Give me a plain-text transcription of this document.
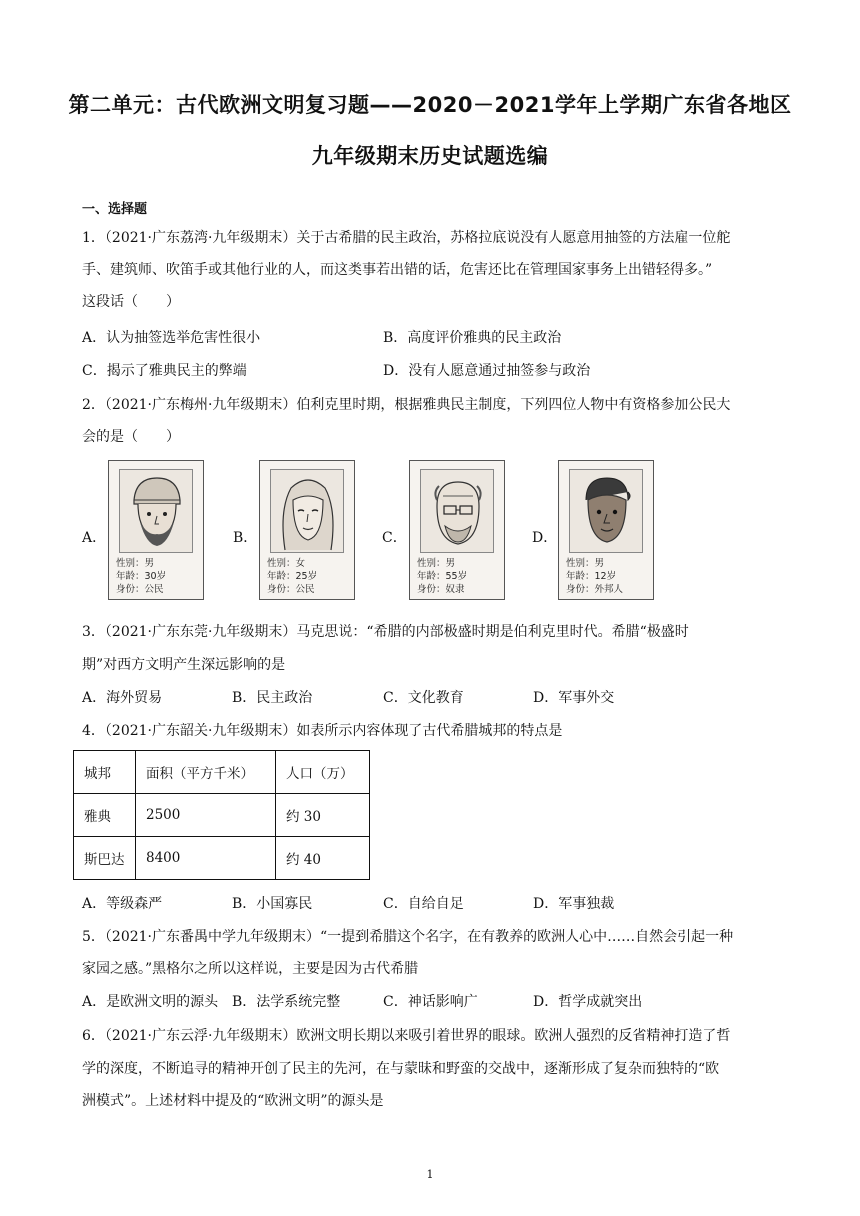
第二单元：古代欧洲文明复习题——2020－2021学年上学期广东省各地区
九年级期末历史试题选编
一、选择题
1．（2021·广东荔湾·九年级期末）关于古希腊的民主政治，苏格拉底说没有人愿意用抽签的方法雇一位舵
手、建筑师、吹笛手或其他行业的人，而这类事若出错的话，危害还比在管理国家事务上出错轻得多。”
这段话（　　）
A．认为抽签选举危害性很小	B．高度评价雅典的民主政治
C．揭示了雅典民主的弊端	D．没有人愿意通过抽签参与政治
2．（2021·广东梅州·九年级期末）伯利克里时期，根据雅典民主制度，下列四位人物中有资格参加公民大
会的是（　　）
A．
性别：男
年龄：30岁
身份：公民
B．
性别：女
年龄：25岁
身份：公民
C．
性别：男
年龄：55岁
身份：奴隶
D．
性别：男
年龄：12岁
身份：外邦人
3．（2021·广东东莞·九年级期末）马克思说：“希腊的内部极盛时期是伯利克里时代。希腊“极盛时
期”对西方文明产生深远影响的是
A．海外贸易	B．民主政治	C．文化教育	D．军事外交
4．（2021·广东韶关·九年级期末）如表所示内容体现了古代希腊城邦的特点是
城邦	面积（平方千米）	人口（万）
雅典	2500	约 30
斯巴达	8400	约 40
A．等级森严	B．小国寡民	C．自给自足	D．军事独裁
5．（2021·广东番禺中学九年级期末）“一提到希腊这个名字，在有教养的欧洲人心中……自然会引起一种
家园之感。”黑格尔之所以这样说，主要是因为古代希腊
A．是欧洲文明的源头 B．法学系统完整	C．神话影响广	D．哲学成就突出
6．（2021·广东云浮·九年级期末）欧洲文明长期以来吸引着世界的眼球。欧洲人强烈的反省精神打造了哲
学的深度，不断追寻的精神开创了民主的先河，在与蒙昧和野蛮的交战中，逐渐形成了复杂而独特的“欧
洲模式”。上述材料中提及的“欧洲文明”的源头是
1
